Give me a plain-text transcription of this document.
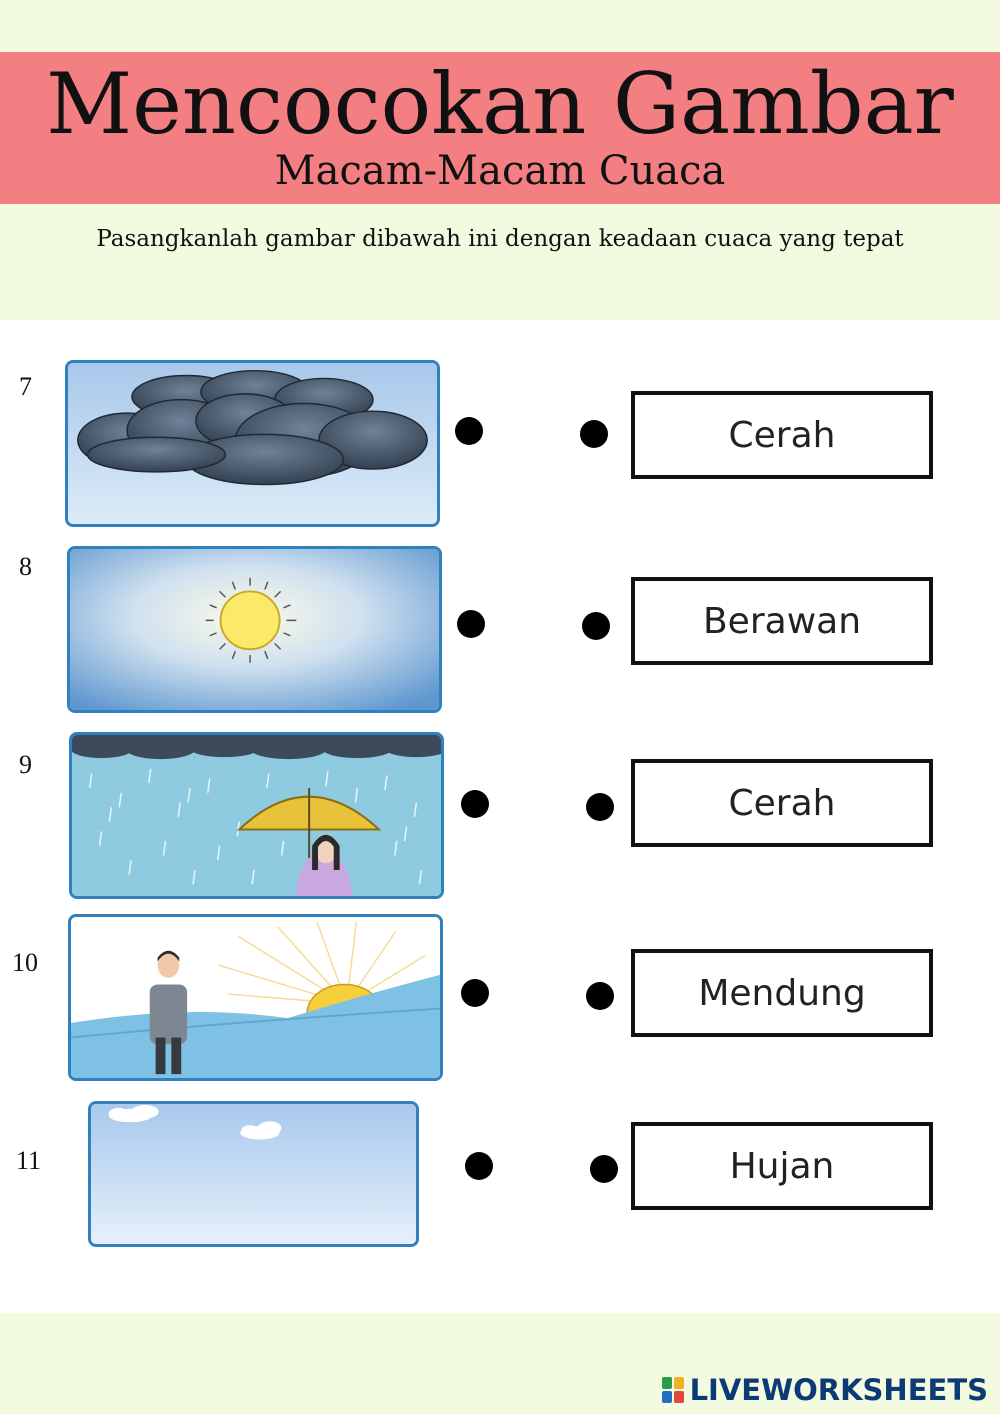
Mencocokan Gambar
Macam-Macam Cuaca
Pasangkanlah gambar dibawah ini dengan keadaan cuaca yang tepat
7
8
9
10
11
Cerah
Berawan
Cerah
Mendung
Hujan
LIVEWORKSHEETS
